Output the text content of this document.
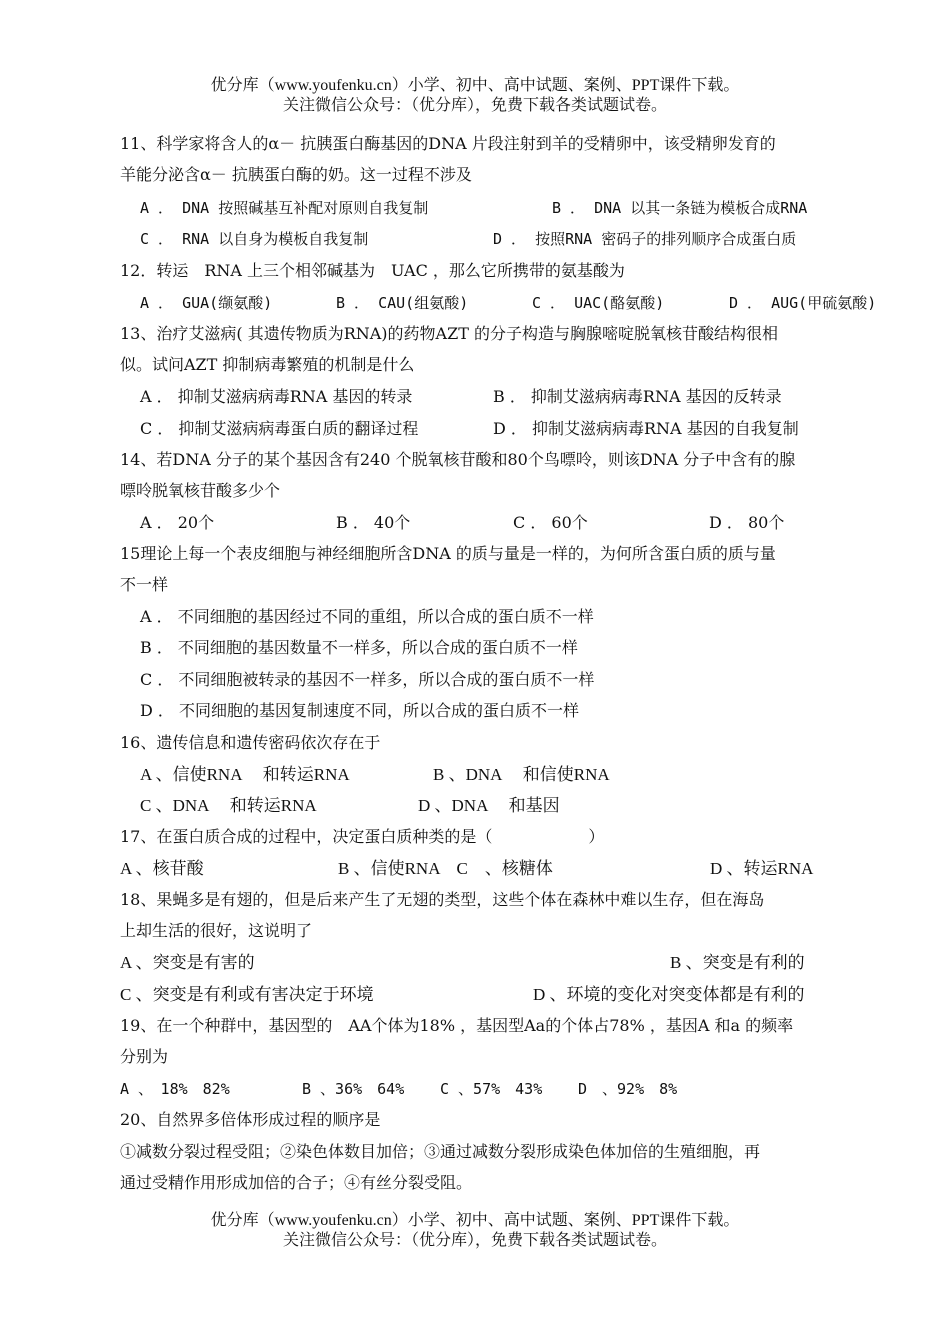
优分库（www.youfenku.cn）小学、初中、高中试题、案例、PPT课件下载。
关注微信公众号：（优分库），免费下载各类试题试卷。
11、科学家将含人的α－ 抗胰蛋白酶基因的DNA 片段注射到羊的受精卵中，该受精卵发育的
羊能分泌含α－ 抗胰蛋白酶的奶。这一过程不涉及
A ． DNA 按照碱基互补配对原则自我复制	B ． DNA 以其一条链为模板合成RNA
C ． RNA 以自身为模板自我复制	D ． 按照RNA 密码子的排列顺序合成蛋白质
12．转运　RNA 上三个相邻碱基为　UAC ，那么它所携带的氨基酸为
A ． GUA(缬氨酸)	B ． CAU(组氨酸)	C ． UAC(酪氨酸)	D ． AUG(甲硫氨酸)
13、治疗艾滋病( 其遗传物质为RNA)的药物AZT 的分子构造与胸腺嘧啶脱氧核苷酸结构很相
似。试问AZT 抑制病毒繁殖的机制是什么
A ． 抑制艾滋病病毒RNA 基因的转录	B ． 抑制艾滋病病毒RNA 基因的反转录
C ． 抑制艾滋病病毒蛋白质的翻译过程	D ． 抑制艾滋病病毒RNA 基因的自我复制
14、若DNA 分子的某个基因含有240 个脱氧核苷酸和80个鸟嘌呤，则该DNA 分子中含有的腺
嘌呤脱氧核苷酸多少个
A ． 20个	B ． 40个	C ． 60个	D ． 80个
15理论上每一个表皮细胞与神经细胞所含DNA 的质与量是一样的，为何所含蛋白质的质与量
不一样
A ． 不同细胞的基因经过不同的重组，所以合成的蛋白质不一样
B ． 不同细胞的基因数量不一样多，所以合成的蛋白质不一样
C ． 不同细胞被转录的基因不一样多，所以合成的蛋白质不一样
D ． 不同细胞的基因复制速度不同，所以合成的蛋白质不一样
16、遗传信息和遗传密码依次存在于
A 、信使RNA　 和转运RNA	B 、DNA　 和信使RNA
C 、DNA　 和转运RNA	D 、DNA　 和基因
17、在蛋白质合成的过程中，决定蛋白质种类的是（　　　　　　）
A 、核苷酸	B 、信使RNA　C　、核糖体	D 、转运RNA
18、果蝇多是有翅的，但是后来产生了无翅的类型，这些个体在森林中难以生存，但在海岛
上却生活的很好，这说明了
A 、突变是有害的	B 、突变是有利的
C 、突变是有利或有害决定于环境	D 、环境的变化对突变体都是有利的
19、在一个种群中，基因型的　AA个体为18% ，基因型Aa的个体占78% ，基因A 和a 的频率
分别为
A 、　18%　82%	B 、36%　64% C 、57%　43% D　、92%　8%
20、自然界多倍体形成过程的顺序是
①减数分裂过程受阻；②染色体数目加倍；③通过减数分裂形成染色体加倍的生殖细胞，再
通过受精作用形成加倍的合子；④有丝分裂受阻。
优分库（www.youfenku.cn）小学、初中、高中试题、案例、PPT课件下载。
关注微信公众号：（优分库），免费下载各类试题试卷。
